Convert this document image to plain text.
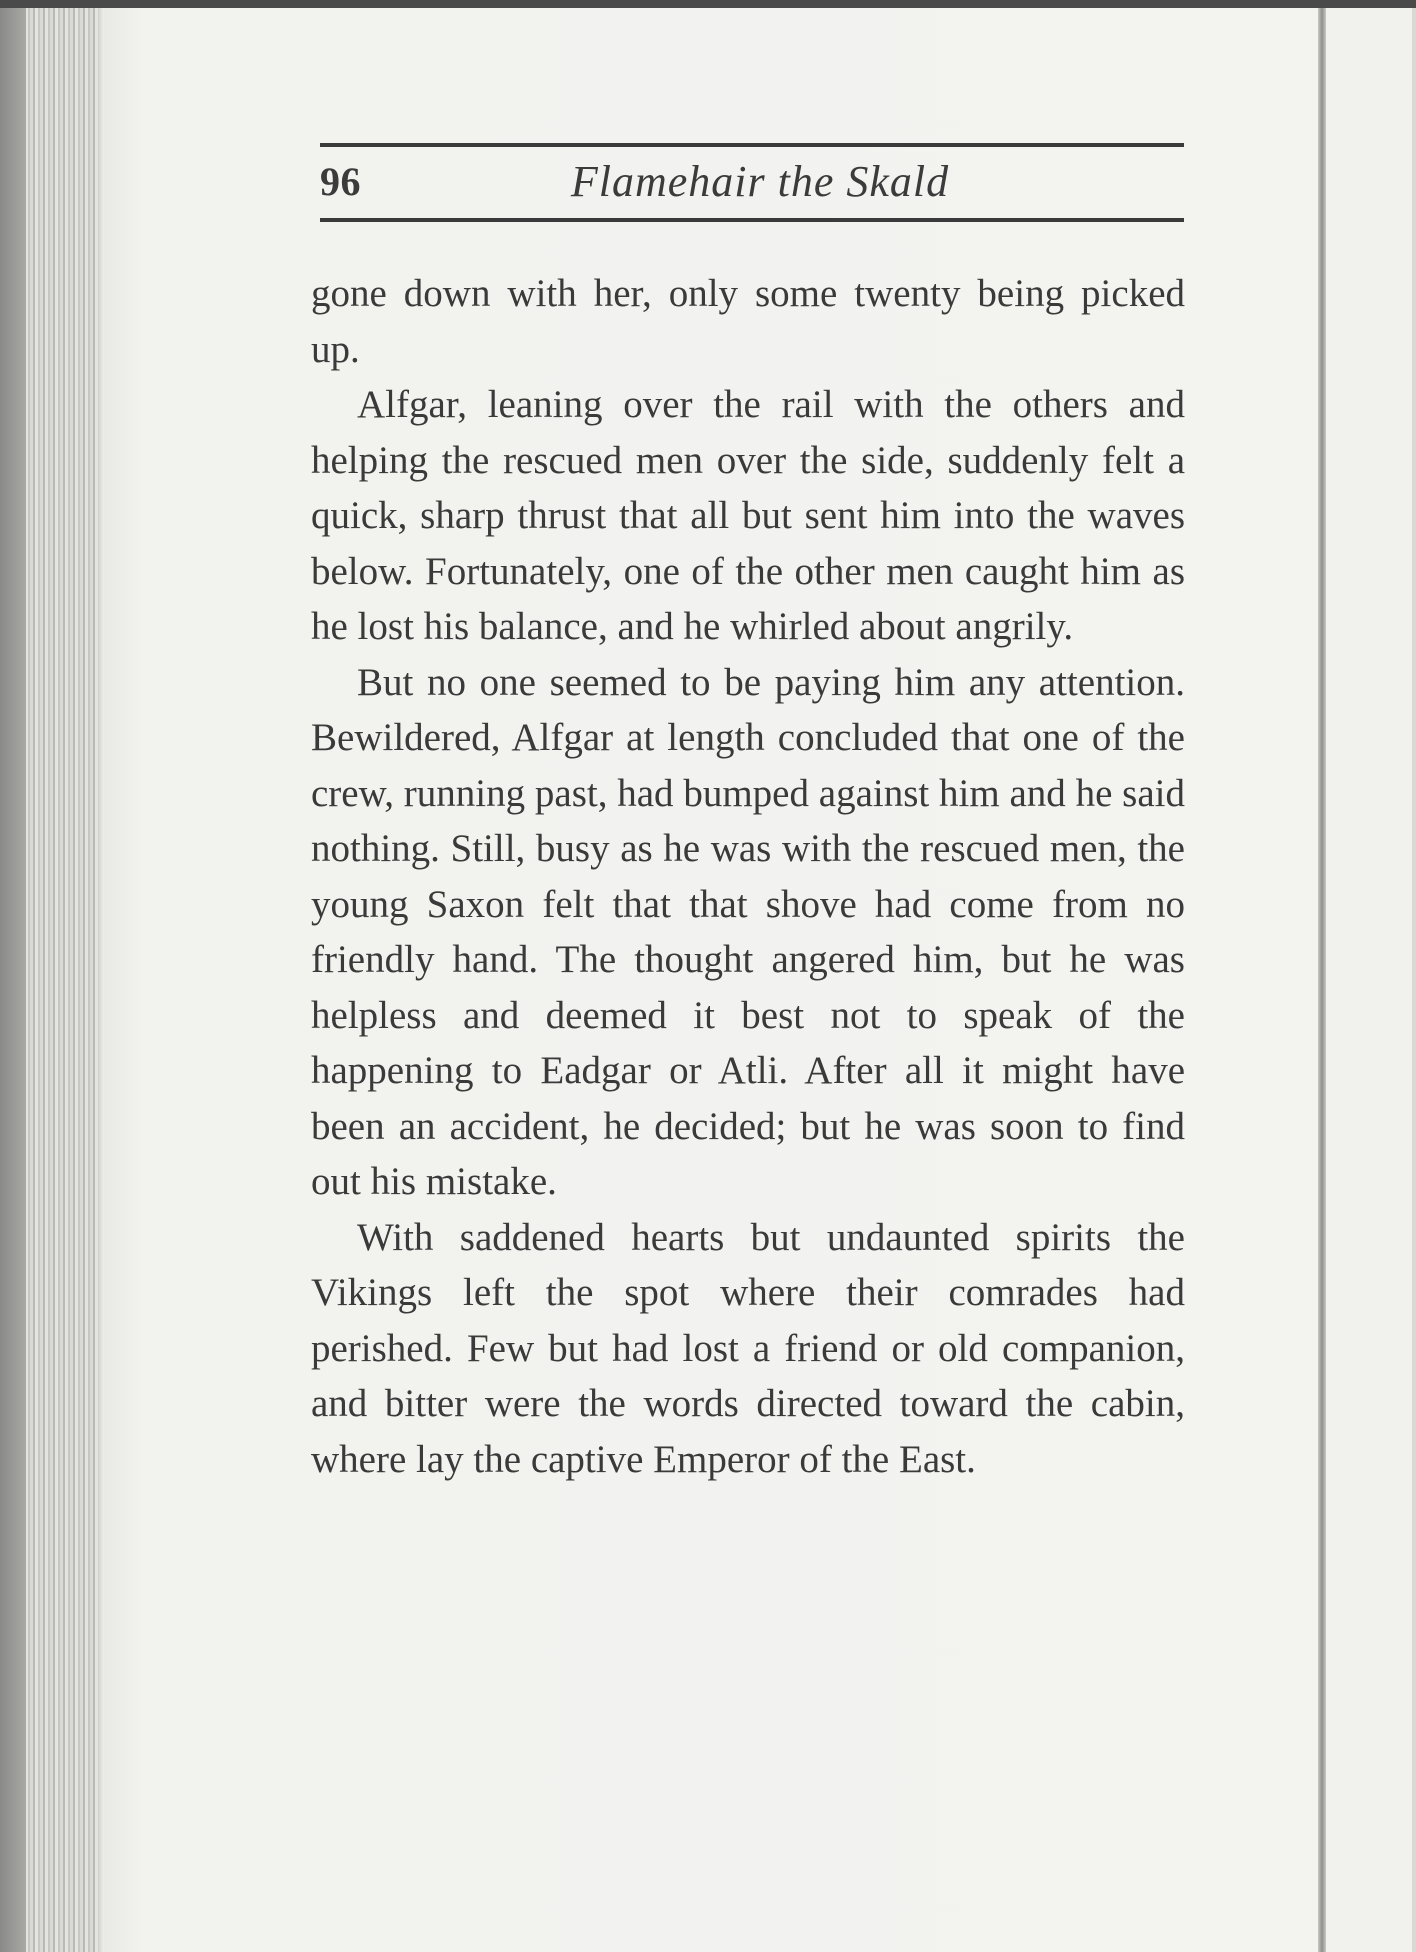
96	Flamehair the Skald

gone down with her, only some twenty being picked up.

Alfgar, leaning over the rail with the others and helping the rescued men over the side, suddenly felt a quick, sharp thrust that all but sent him into the waves below. Fortunately, one of the other men caught him as he lost his balance, and he whirled about angrily.

But no one seemed to be paying him any attention. Bewildered, Alfgar at length concluded that one of the crew, running past, had bumped against him and he said nothing. Still, busy as he was with the rescued men, the young Saxon felt that that shove had come from no friendly hand. The thought angered him, but he was helpless and deemed it best not to speak of the happening to Eadgar or Atli. After all it might have been an accident, he decided; but he was soon to find out his mistake.

With saddened hearts but undaunted spirits the Vikings left the spot where their comrades had perished. Few but had lost a friend or old companion, and bitter were the words directed toward the cabin, where lay the captive Emperor of the East.
